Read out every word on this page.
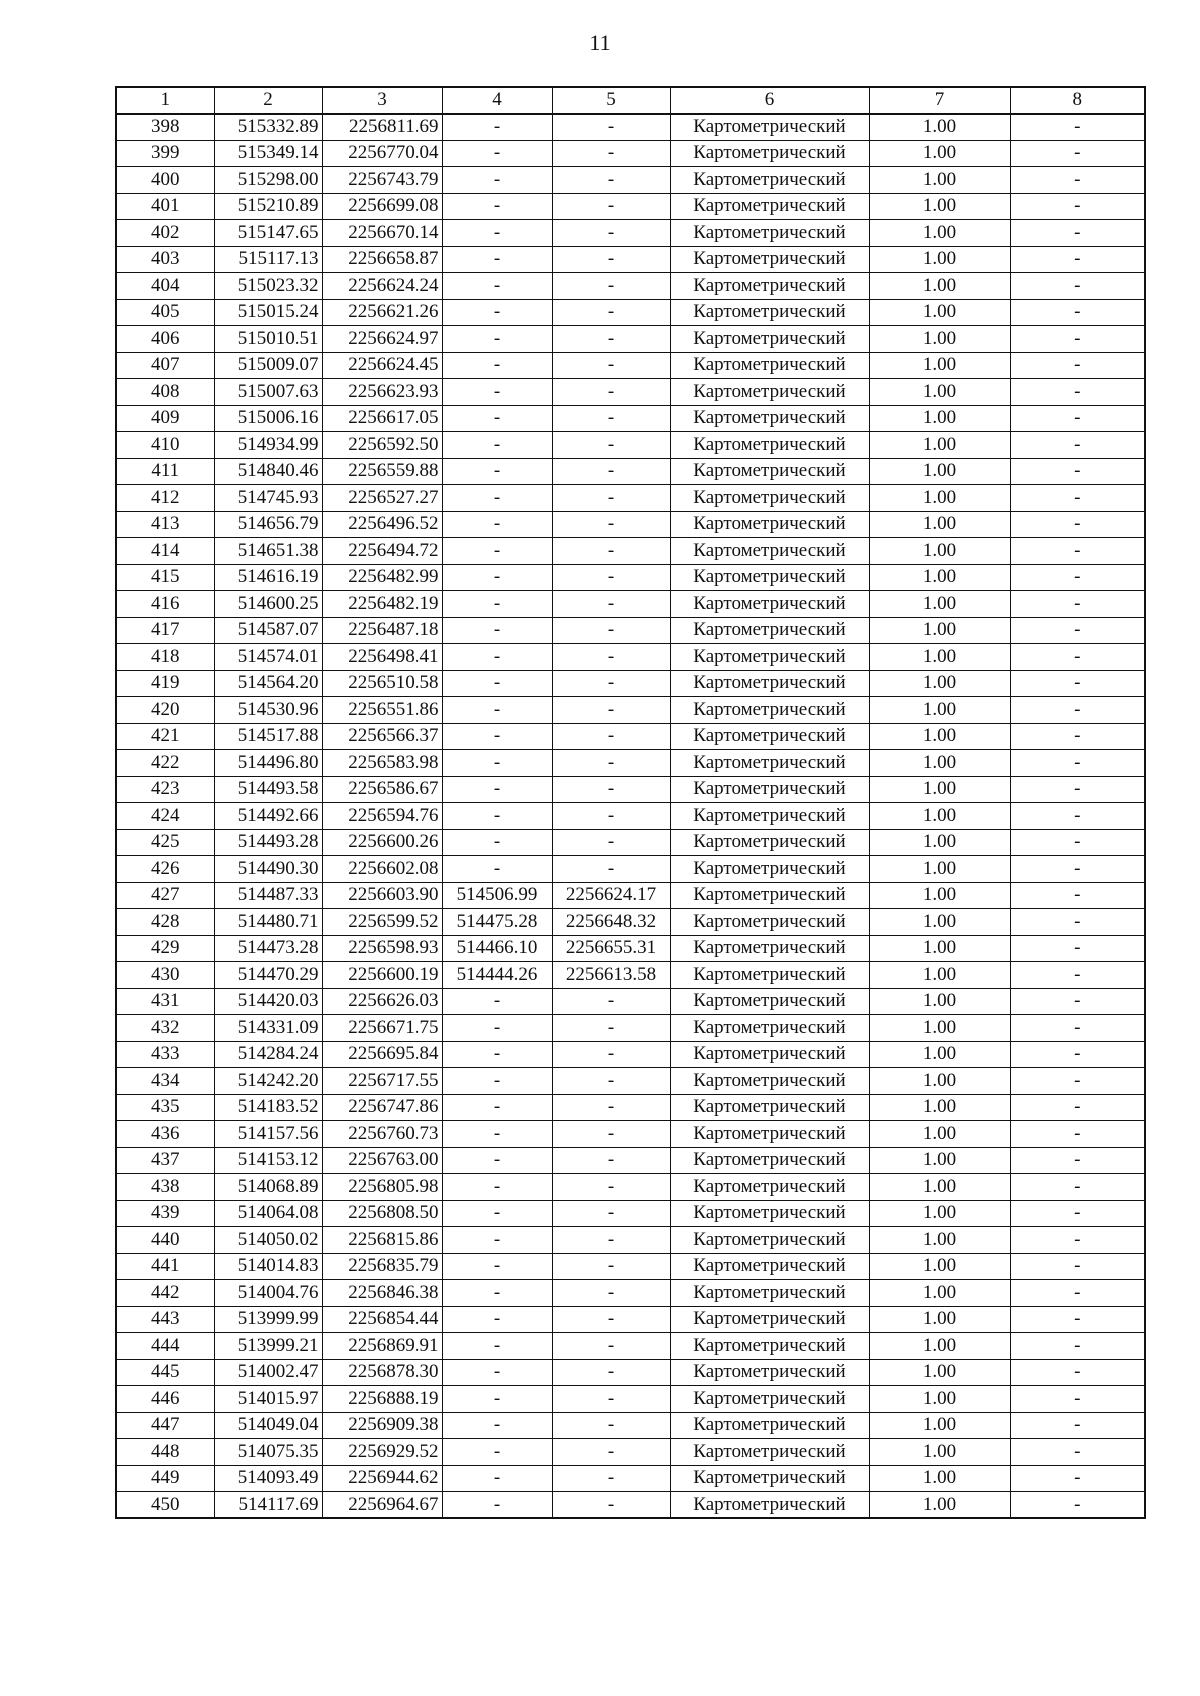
11
1	2	3	4	5	6	7	8
398	515332.89	2256811.69	-	-	Картометрический	1.00	-
399	515349.14	2256770.04	-	-	Картометрический	1.00	-
400	515298.00	2256743.79	-	-	Картометрический	1.00	-
401	515210.89	2256699.08	-	-	Картометрический	1.00	-
402	515147.65	2256670.14	-	-	Картометрический	1.00	-
403	515117.13	2256658.87	-	-	Картометрический	1.00	-
404	515023.32	2256624.24	-	-	Картометрический	1.00	-
405	515015.24	2256621.26	-	-	Картометрический	1.00	-
406	515010.51	2256624.97	-	-	Картометрический	1.00	-
407	515009.07	2256624.45	-	-	Картометрический	1.00	-
408	515007.63	2256623.93	-	-	Картометрический	1.00	-
409	515006.16	2256617.05	-	-	Картометрический	1.00	-
410	514934.99	2256592.50	-	-	Картометрический	1.00	-
411	514840.46	2256559.88	-	-	Картометрический	1.00	-
412	514745.93	2256527.27	-	-	Картометрический	1.00	-
413	514656.79	2256496.52	-	-	Картометрический	1.00	-
414	514651.38	2256494.72	-	-	Картометрический	1.00	-
415	514616.19	2256482.99	-	-	Картометрический	1.00	-
416	514600.25	2256482.19	-	-	Картометрический	1.00	-
417	514587.07	2256487.18	-	-	Картометрический	1.00	-
418	514574.01	2256498.41	-	-	Картометрический	1.00	-
419	514564.20	2256510.58	-	-	Картометрический	1.00	-
420	514530.96	2256551.86	-	-	Картометрический	1.00	-
421	514517.88	2256566.37	-	-	Картометрический	1.00	-
422	514496.80	2256583.98	-	-	Картометрический	1.00	-
423	514493.58	2256586.67	-	-	Картометрический	1.00	-
424	514492.66	2256594.76	-	-	Картометрический	1.00	-
425	514493.28	2256600.26	-	-	Картометрический	1.00	-
426	514490.30	2256602.08	-	-	Картометрический	1.00	-
427	514487.33	2256603.90	514506.99	2256624.17	Картометрический	1.00	-
428	514480.71	2256599.52	514475.28	2256648.32	Картометрический	1.00	-
429	514473.28	2256598.93	514466.10	2256655.31	Картометрический	1.00	-
430	514470.29	2256600.19	514444.26	2256613.58	Картометрический	1.00	-
431	514420.03	2256626.03	-	-	Картометрический	1.00	-
432	514331.09	2256671.75	-	-	Картометрический	1.00	-
433	514284.24	2256695.84	-	-	Картометрический	1.00	-
434	514242.20	2256717.55	-	-	Картометрический	1.00	-
435	514183.52	2256747.86	-	-	Картометрический	1.00	-
436	514157.56	2256760.73	-	-	Картометрический	1.00	-
437	514153.12	2256763.00	-	-	Картометрический	1.00	-
438	514068.89	2256805.98	-	-	Картометрический	1.00	-
439	514064.08	2256808.50	-	-	Картометрический	1.00	-
440	514050.02	2256815.86	-	-	Картометрический	1.00	-
441	514014.83	2256835.79	-	-	Картометрический	1.00	-
442	514004.76	2256846.38	-	-	Картометрический	1.00	-
443	513999.99	2256854.44	-	-	Картометрический	1.00	-
444	513999.21	2256869.91	-	-	Картометрический	1.00	-
445	514002.47	2256878.30	-	-	Картометрический	1.00	-
446	514015.97	2256888.19	-	-	Картометрический	1.00	-
447	514049.04	2256909.38	-	-	Картометрический	1.00	-
448	514075.35	2256929.52	-	-	Картометрический	1.00	-
449	514093.49	2256944.62	-	-	Картометрический	1.00	-
450	514117.69	2256964.67	-	-	Картометрический	1.00	-
